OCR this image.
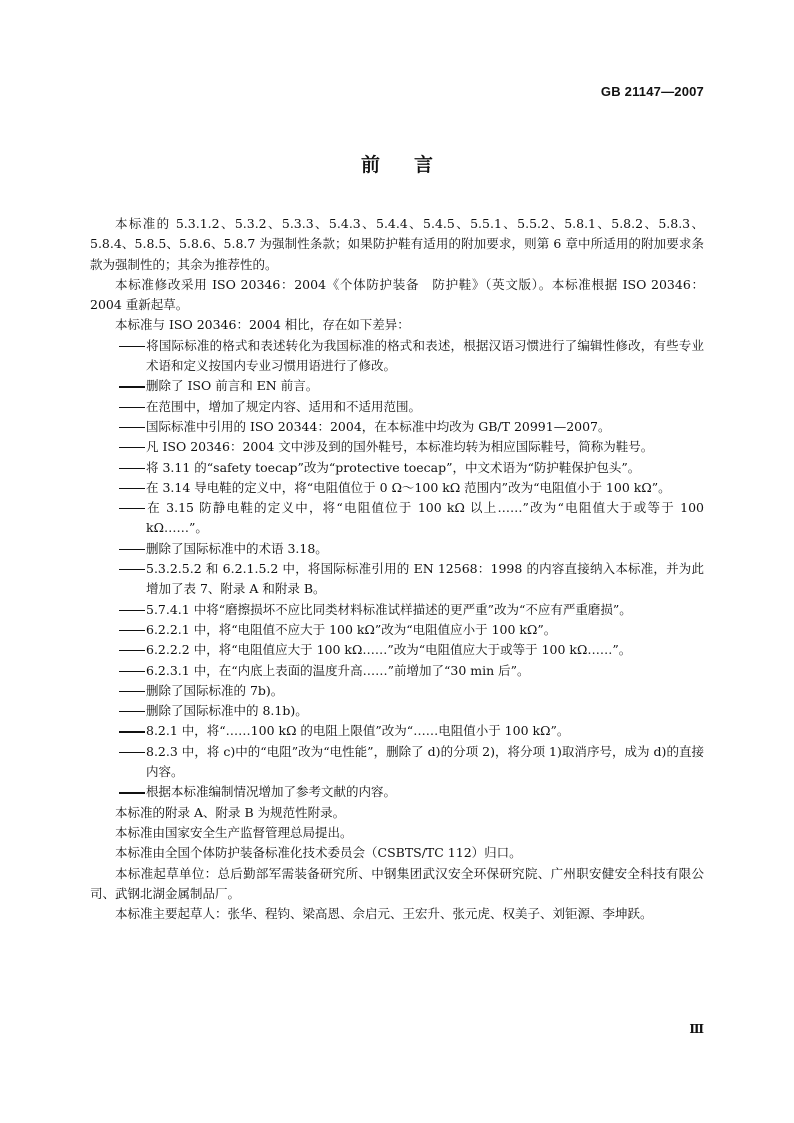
GB 21147—2007
前言

本标准的 5.3.1.2、5.3.2、5.3.3、5.4.3、5.4.4、5.4.5、5.5.1、5.5.2、5.8.1、5.8.2、5.8.3、5.8.4、5.8.5、5.8.6、5.8.7 为强制性条款；如果防护鞋有适用的附加要求，则第 6 章中所适用的附加要求条款为强制性的；其余为推荐性的。

本标准修改采用 ISO 20346：2004《个体防护装备　防护鞋》（英文版）。本标准根据 ISO 20346：2004 重新起草。

本标准与 ISO 20346：2004 相比，存在如下差异：

将国际标准的格式和表述转化为我国标准的格式和表述，根据汉语习惯进行了编辑性修改，有些专业术语和定义按国内专业习惯用语进行了修改。

删除了 ISO 前言和 EN 前言。

在范围中，增加了规定内容、适用和不适用范围。

国际标准中引用的 ISO 20344：2004，在本标准中均改为 GB/T 20991—2007。

凡 ISO 20346：2004 文中涉及到的国外鞋号，本标准均转为相应国际鞋号，简称为鞋号。

将 3.11 的“safety toecap”改为“protective toecap”，中文术语为“防护鞋保护包头”。

在 3.14 导电鞋的定义中，将“电阻值位于 0 Ω～100 kΩ 范围内”改为“电阻值小于 100 kΩ”。

在 3.15 防静电鞋的定义中，将“电阻值位于 100 kΩ 以上……”改为“电阻值大于或等于 100 kΩ……”。

删除了国际标准中的术语 3.18。

5.3.2.5.2 和 6.2.1.5.2 中，将国际标准引用的 EN 12568：1998 的内容直接纳入本标准，并为此增加了表 7、附录 A 和附录 B。

5.7.4.1 中将“磨擦损坏不应比同类材料标准试样描述的更严重”改为“不应有严重磨损”。

6.2.2.1 中，将“电阻值不应大于 100 kΩ”改为“电阻值应小于 100 kΩ”。

6.2.2.2 中，将“电阻值应大于 100 kΩ……”改为“电阻值应大于或等于 100 kΩ……”。

6.2.3.1 中，在“内底上表面的温度升高……”前增加了“30 min 后”。

删除了国际标准的 7b)。

删除了国际标准中的 8.1b)。

8.2.1 中，将“……100 kΩ 的电阻上限值”改为“……电阻值小于 100 kΩ”。

8.2.3 中，将 c)中的“电阻”改为“电性能”，删除了 d)的分项 2)，将分项 1)取消序号，成为 d)的直接内容。

根据本标准编制情况增加了参考文献的内容。

本标准的附录 A、附录 B 为规范性附录。

本标准由国家安全生产监督管理总局提出。

本标准由全国个体防护装备标准化技术委员会（CSBTS/TC 112）归口。

本标准起草单位：总后勤部军需装备研究所、中钢集团武汉安全环保研究院、广州职安健安全科技有限公司、武钢北湖金属制品厂。

本标准主要起草人：张华、程钧、梁高恩、佘启元、王宏升、张元虎、权美子、刘钜源、李坤跃。

Ⅲ
